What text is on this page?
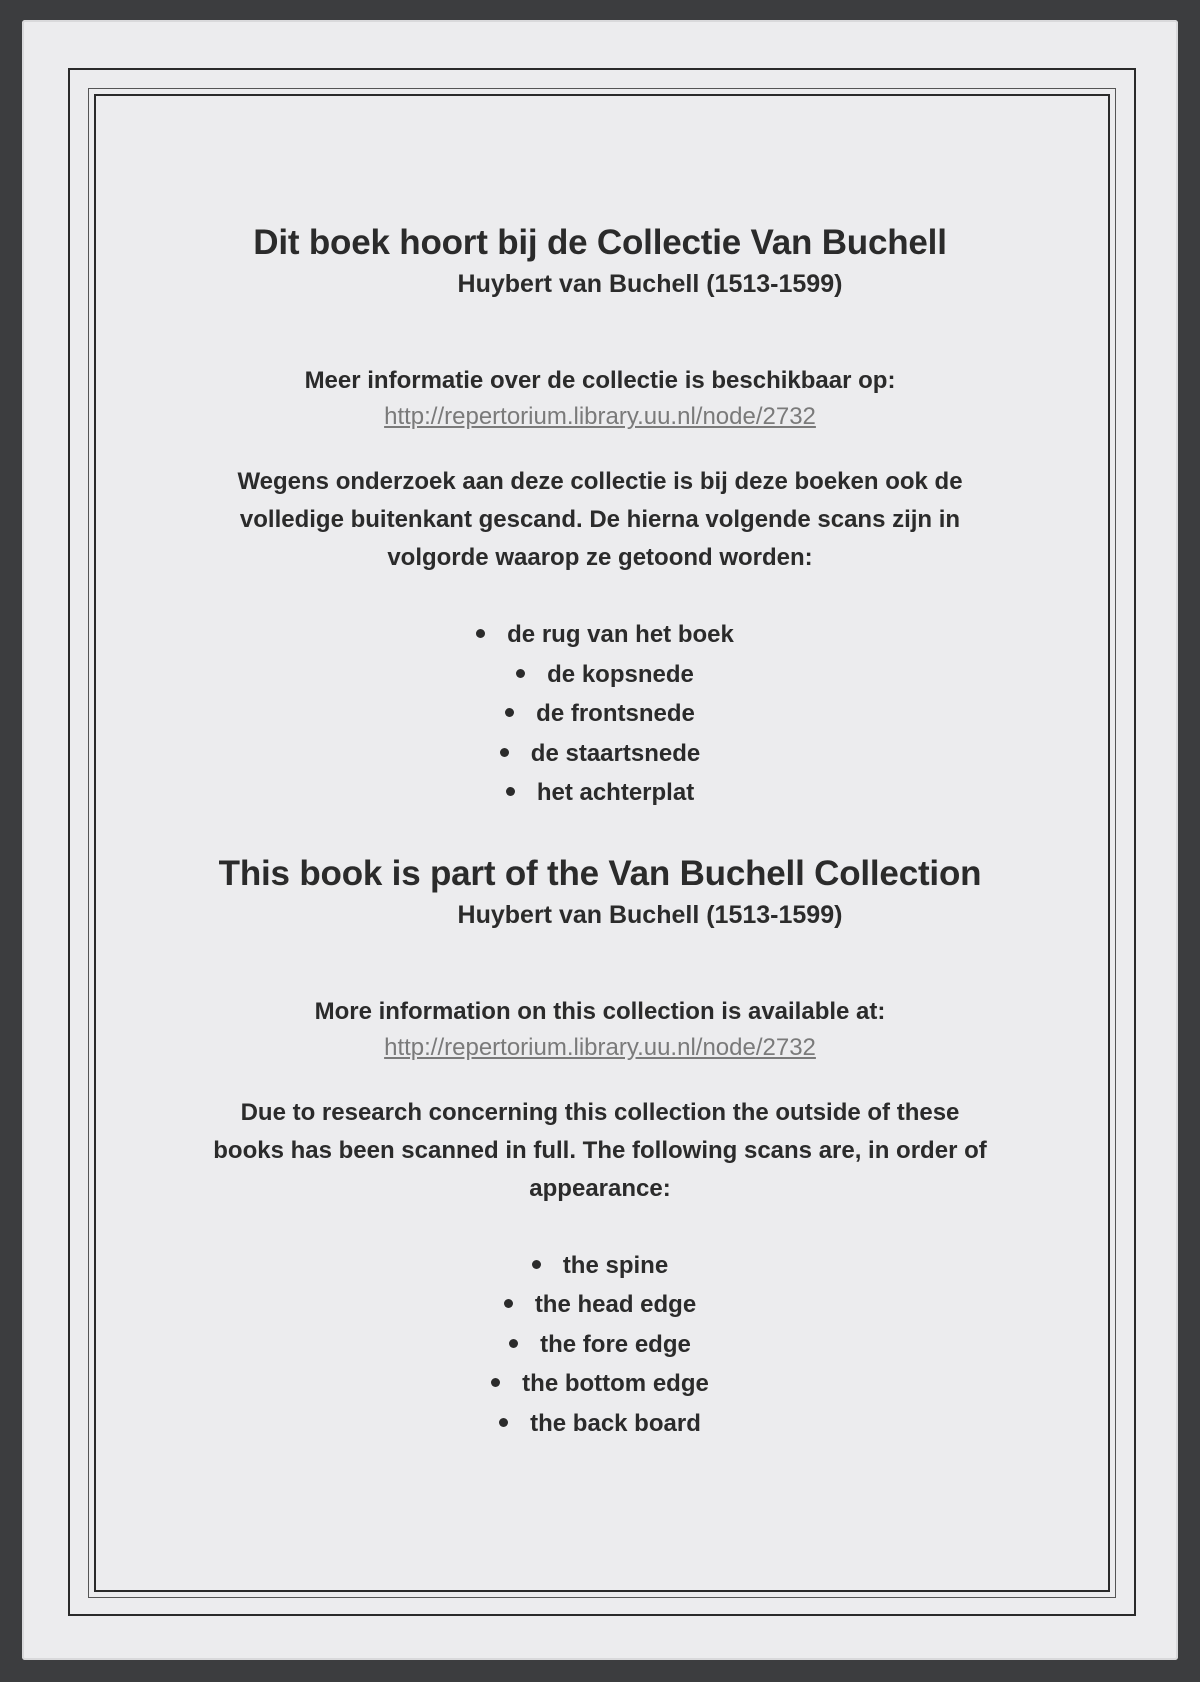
Dit boek hoort bij de Collectie Van Buchell
Huybert van Buchell (1513-1599)

Meer informatie over de collectie is beschikbaar op:

http://repertorium.library.uu.nl/node/2732

Wegens onderzoek aan deze collectie is bij deze boeken ook de
volledige buitenkant gescand. De hierna volgende scans zijn in
volgorde waarop ze getoond worden:

de rug van het boek
de kopsnede
de frontsnede
de staartsnede
het achterplat
This book is part of the Van Buchell Collection
Huybert van Buchell (1513-1599)

More information on this collection is available at:

http://repertorium.library.uu.nl/node/2732

Due to research concerning this collection the outside of these
books has been scanned in full. The following scans are, in order of
appearance:

the spine
the head edge
the fore edge
the bottom edge
the back board
